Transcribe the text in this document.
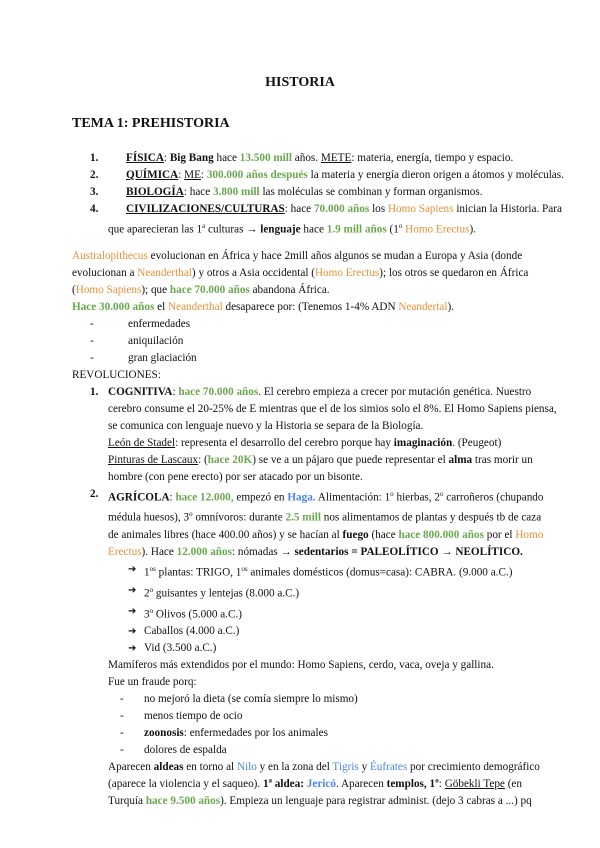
HISTORIA
TEMA 1: PREHISTORIA
1.	FÍSICA: Big Bang hace 13.500 mill años. METE: materia, energía, tiempo y espacio.
2.	QUÍMICA: ME: 300.000 años después la materia y energía dieron origen a átomos y moléculas.
3.	BIOLOGÍA: hace 3.800 mill las moléculas se combinan y forman organismos.
4.	CIVILIZACIONES/CULTURAS: hace 70.000 años los Homo Sapiens inician la Historia. Para
que aparecieran las 1$^a$ culturas → lenguaje hace 1.9 mill años (1$^o$ Homo Erectus).
Australopithecus evolucionan en África y hace 2mill años algunos se mudan a Europa y Asia (donde
evolucionan a Neanderthal) y otros a Asia occidental (Homo Erectus); los otros se quedaron en África
(Homo Sapiens); que hace 70.000 años abandona África.
Hace 30.000 años el Neanderthal desaparece por: (Tenemos 1-4% ADN Neandertal).
-	enfermedades
-	aniquilación
-	gran glaciación
REVOLUCIONES:
1. COGNITIVA: hace 70.000 años. El cerebro empieza a crecer por mutación genética. Nuestro
cerebro consume el 20-25% de E mientras que el de los simios solo el 8%. El Homo Sapiens piensa,
se comunica con lenguaje nuevo y la Historia se separa de la Biología.
León de Stadel: representa el desarrollo del cerebro porque hay imaginación. (Peugeot)
Pinturas de Lascaux: (hace 20K) se ve a un pájaro que puede representar el alma tras morir un
hombre (con pene erecto) por ser atacado por un bisonte.
2. AGRÍCOLA: hace 12.000, empezó en Haga. Alimentación: 1$^o$ hierbas, 2$^o$ carroñeros (chupando
médula huesos), 3$^o$ omnívoros: durante 2.5 mill nos alimentamos de plantas y después tb de caza
de animales libres (hace 400.00 años) y se hacían al fuego (hace hace 800.000 años por el Homo
Erectus). Hace 12.000 años: nómadas → sedentarios = PALEOLÍTICO → NEOLÍTICO.
➔ $1^{os}$ plantas: TRIGO, $1^{os}$ animales domésticos (domus=casa): CABRA. (9.000 a.C.)
➔ 2$^o$ guisantes y lentejas (8.000 a.C.)
➔ 3$^o$ Olivos (5.000 a.C.)
➔ Caballos (4.000 a.C.)
➔ Vid (3.500 a.C.)
Mamíferos más extendidos por el mundo: Homo Sapiens, cerdo, vaca, oveja y gallina.
Fue un fraude porq:
-	no mejoró la dieta (se comía siempre lo mismo)
-	menos tiempo de ocio
-	zoonosis: enfermedades por los animales
-	dolores de espalda
Aparecen aldeas en torno al Nilo y en la zona del Tigris y Éufrates por crecimiento demográfico
(aparece la violencia y el saqueo). 1ª aldea: Jericó. Aparecen templos, 1º: Göbekli Tepe (en
Turquía hace 9.500 años). Empieza un lenguaje para registrar administ. (dejo 3 cabras a ...) pq
